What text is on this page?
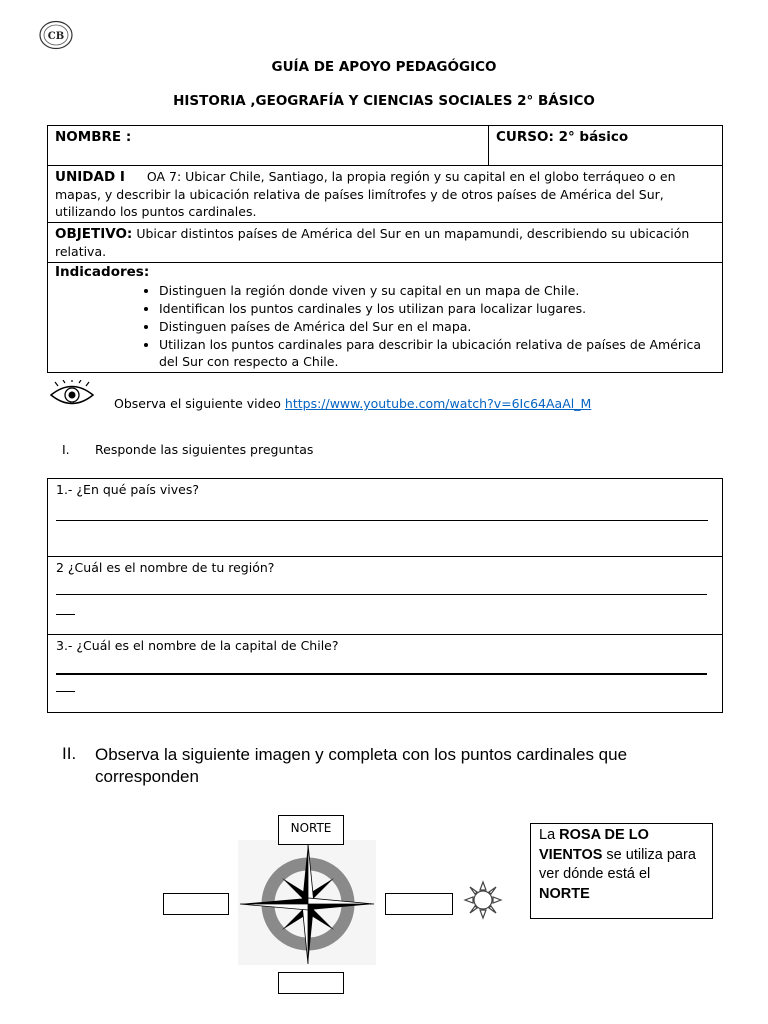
CB
GUÍA DE APOYO PEDAGÓGICO
HISTORIA ,GEOGRAFÍA Y CIENCIAS SOCIALES 2° BÁSICO
NOMBRE :	CURSO: 2° básico
UNIDAD I OA 7: Ubicar Chile, Santiago, la propia región y su capital en el globo terráqueo o en mapas, y describir la ubicación relativa de países limítrofes y de otros países de América del Sur, utilizando los puntos cardinales.
OBJETIVO: Ubicar distintos países de América del Sur en un mapamundi, describiendo su ubicación relativa.

Indicadores:
• Distinguen la región donde viven y su capital en un mapa de Chile.
• Identifican los puntos cardinales y los utilizan para localizar lugares.
• Distinguen países de América del Sur en el mapa.
• Utilizan los puntos cardinales para describir la ubicación relativa de países de América del Sur con respecto a Chile.
Observa el siguiente video https://www.youtube.com/watch?v=6Ic64AaAl_M
I. Responde las siguientes preguntas
1.- ¿En qué país vives?

2 ¿Cuál es el nombre de tu región?

3.- ¿Cuál es el nombre de la capital de Chile?
II. Observa la siguiente imagen y completa con los puntos cardinales que corresponden
NORTE	La ROSA DE LO VIENTOS se utiliza para ver dónde está el NORTE
